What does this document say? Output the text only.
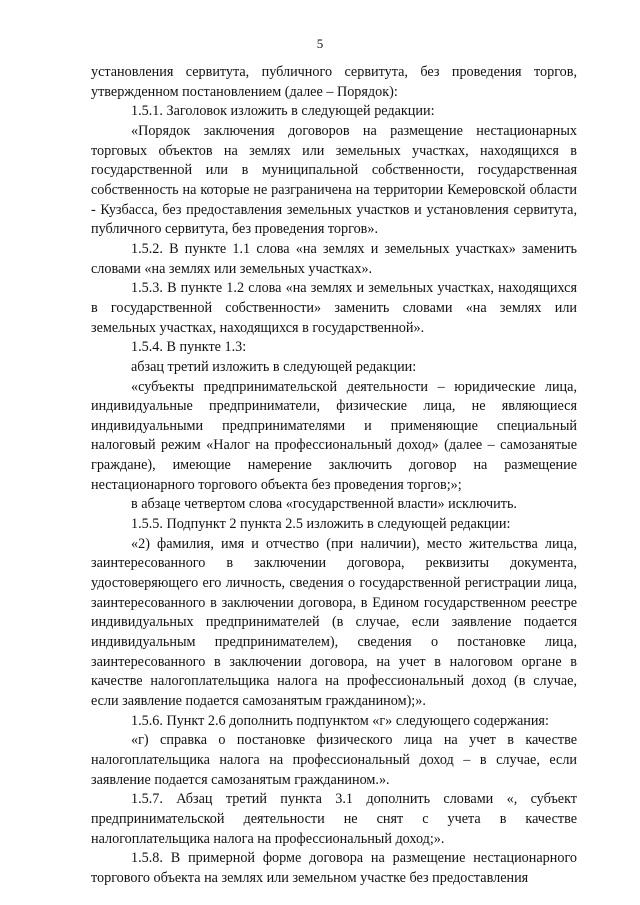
5

установления сервитута, публичного сервитута, без проведения торгов, утвержденном постановлением (далее – Порядок):

1.5.1. Заголовок изложить в следующей редакции:

«Порядок заключения договоров на размещение нестационарных торговых объектов на землях или земельных участках, находящихся в государственной или в муниципальной собственности, государственная собственность на которые не разграничена на территории Кемеровской области - Кузбасса, без предоставления земельных участков и установления сервитута, публичного сервитута, без проведения торгов».

1.5.2. В пункте 1.1 слова «на землях и земельных участках» заменить словами «на землях или земельных участках».

1.5.3. В пункте 1.2 слова «на землях и земельных участках, находящихся в государственной собственности» заменить словами «на землях или земельных участках, находящихся в государственной».

1.5.4. В пункте 1.3:

абзац третий изложить в следующей редакции:

«субъекты предпринимательской деятельности – юридические лица, индивидуальные предприниматели, физические лица, не являющиеся индивидуальными предпринимателями и применяющие специальный налоговый режим «Налог на профессиональный доход» (далее – самозанятые граждане), имеющие намерение заключить договор на размещение нестационарного торгового объекта без проведения торгов;»;

в абзаце четвертом слова «государственной власти» исключить.

1.5.5. Подпункт 2 пункта 2.5 изложить в следующей редакции:

«2) фамилия, имя и отчество (при наличии), место жительства лица, заинтересованного в заключении договора, реквизиты документа, удостоверяющего его личность, сведения о государственной регистрации лица, заинтересованного в заключении договора, в Едином государственном реестре индивидуальных предпринимателей (в случае, если заявление подается индивидуальным предпринимателем), сведения о постановке лица, заинтересованного в заключении договора, на учет в налоговом органе в качестве налогоплательщика налога на профессиональный доход (в случае, если заявление подается самозанятым гражданином);».

1.5.6. Пункт 2.6 дополнить подпунктом «г» следующего содержания:

«г) справка о постановке физического лица на учет в качестве налогоплательщика налога на профессиональный доход – в случае, если заявление подается самозанятым гражданином.».

1.5.7. Абзац третий пункта 3.1 дополнить словами «, субъект предпринимательской деятельности не снят с учета в качестве налогоплательщика налога на профессиональный доход;».

1.5.8. В примерной форме договора на размещение нестационарного торгового объекта на землях или земельном участке без предоставления
